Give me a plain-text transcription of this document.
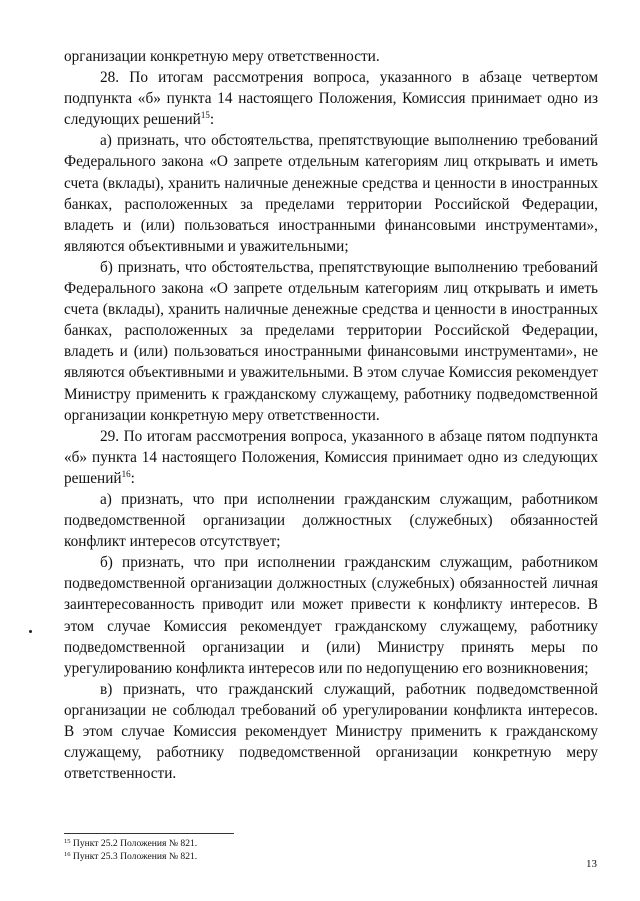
организации конкретную меру ответственности.

28. По итогам рассмотрения вопроса, указанного в абзаце четвертом подпункта «б» пункта 14 настоящего Положения, Комиссия принимает одно из следующих решений$^{15}$:

а) признать, что обстоятельства, препятствующие выполнению требований Федерального закона «О запрете отдельным категориям лиц открывать и иметь счета (вклады), хранить наличные денежные средства и ценности в иностранных банках, расположенных за пределами территории Российской Федерации, владеть и (или) пользоваться иностранными финансовыми инструментами», являются объективными и уважительными;

б) признать, что обстоятельства, препятствующие выполнению требований Федерального закона «О запрете отдельным категориям лиц открывать и иметь счета (вклады), хранить наличные денежные средства и ценности в иностранных банках, расположенных за пределами территории Российской Федерации, владеть и (или) пользоваться иностранными финансовыми инструментами», не являются объективными и уважительными. В этом случае Комиссия рекомендует Министру применить к гражданскому служащему, работнику подведомственной организации конкретную меру ответственности.

29. По итогам рассмотрения вопроса, указанного в абзаце пятом подпункта «б» пункта 14 настоящего Положения, Комиссия принимает одно из следующих решений$^{16}$:

а) признать, что при исполнении гражданским служащим, работником подведомственной организации должностных (служебных) обязанностей конфликт интересов отсутствует;

б) признать, что при исполнении гражданским служащим, работником подведомственной организации должностных (служебных) обязанностей личная заинтересованность приводит или может привести к конфликту интересов. В этом случае Комиссия рекомендует гражданскому служащему, работнику подведомственной организации и (или) Министру принять меры по урегулированию конфликта интересов или по недопущению его возникновения;

в) признать, что гражданский служащий, работник подведомственной организации не соблюдал требований об урегулировании конфликта интересов. В этом случае Комиссия рекомендует Министру применить к гражданскому служащему, работнику подведомственной организации конкретную меру ответственности.

$^{15}$ Пункт 25.2 Положения № 821.
$^{16}$ Пункт 25.3 Положения № 821.
13
